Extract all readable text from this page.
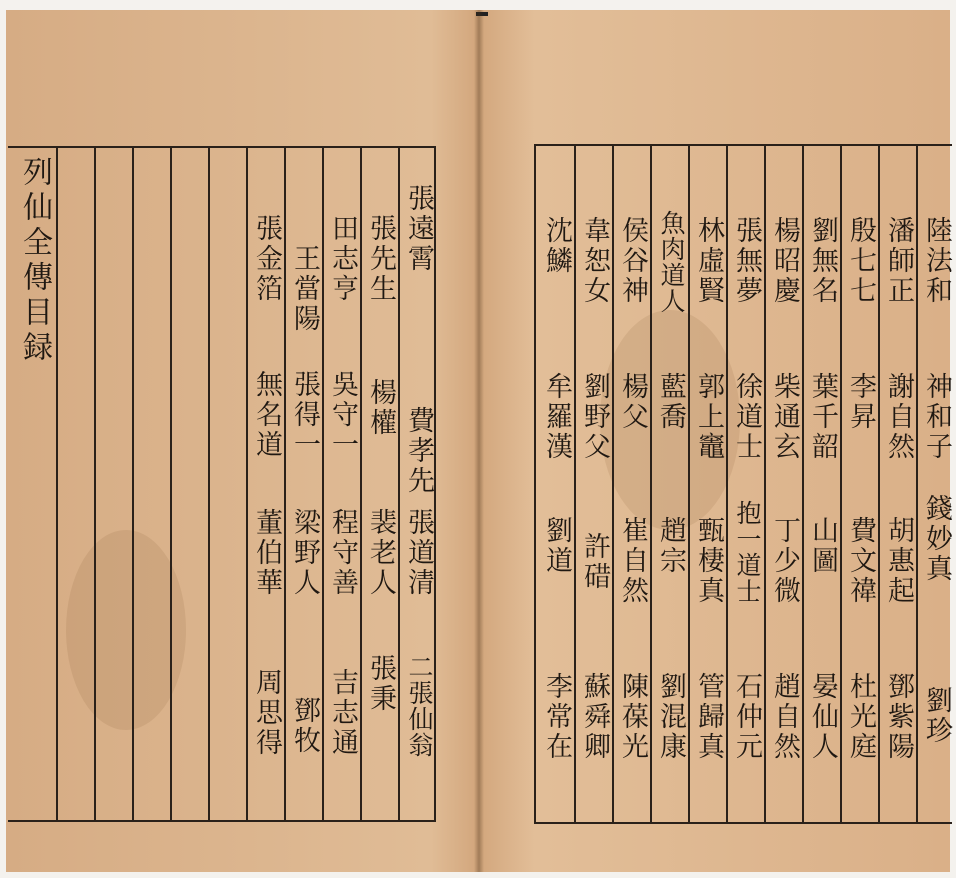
列仙全傳目録	張遠霄
費孝先
張道清
二張仙翁
張先生
楊權
裴老人
張秉
田志亨
吳守一
程守善
吉志通
王當陽
張得一
梁野人
鄧牧
張金箔
無名道
董伯華
周思得
陸法和
神和子
錢妙真
劉珍
潘師正
謝自然
胡惠起
鄧紫陽
殷七七
李昇
費文禕
杜光庭
劉無名
葉千韶
山圖
晏仙人
楊昭慶
柴通玄
丁少微
趙自然
張無夢
徐道士
抱一道士
石仲元
林虛賢
郭上竈
甄棲真
管歸真
魚肉道人
藍喬
趙宗
劉混康
侯谷神
楊父
崔自然
陳葆光
韋恕女
劉野父
許碏
蘇舜卿
沈鱗
牟羅漢
劉道
李常在
